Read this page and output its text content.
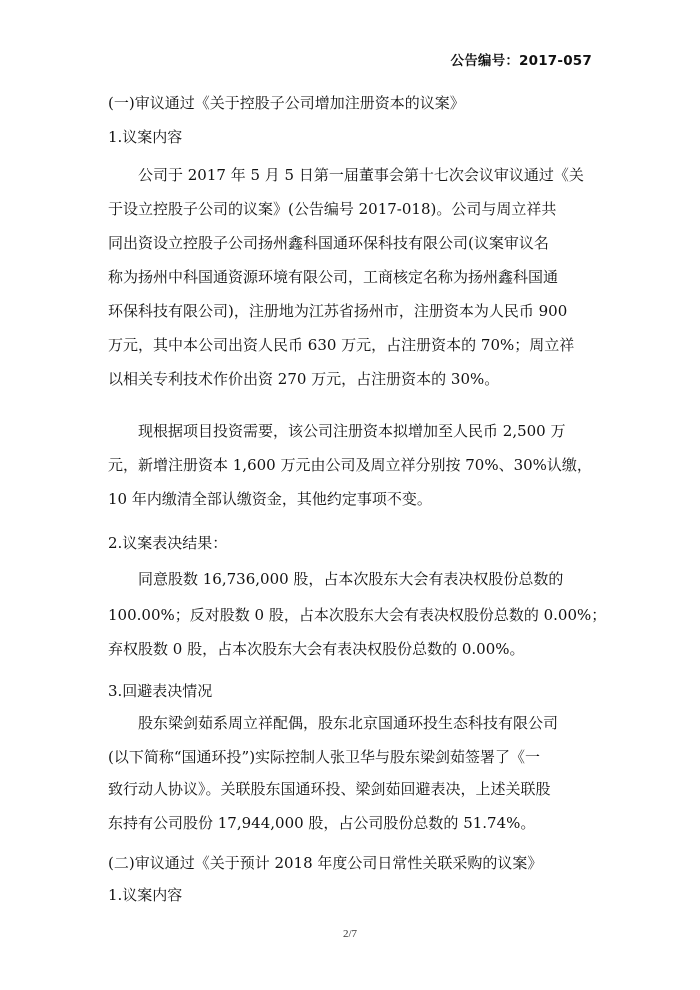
公告编号：2017-057
(一)审议通过《关于控股子公司增加注册资本的议案》
1.议案内容
公司于 2017 年 5 月 5 日第一届董事会第十七次会议审议通过《关
于设立控股子公司的议案》(公告编号 2017-018)。公司与周立祥共
同出资设立控股子公司扬州鑫科国通环保科技有限公司(议案审议名
称为扬州中科国通资源环境有限公司，工商核定名称为扬州鑫科国通
环保科技有限公司)，注册地为江苏省扬州市，注册资本为人民币 900
万元，其中本公司出资人民币 630 万元，占注册资本的 70%；周立祥
以相关专利技术作价出资 270 万元，占注册资本的 30%。
现根据项目投资需要，该公司注册资本拟增加至人民币 2,500 万
元，新增注册资本 1,600 万元由公司及周立祥分别按 70%、30%认缴，
10 年内缴清全部认缴资金，其他约定事项不变。
2.议案表决结果：
同意股数 16,736,000 股，占本次股东大会有表决权股份总数的
100.00%；反对股数 0 股，占本次股东大会有表决权股份总数的 0.00%；
弃权股数 0 股，占本次股东大会有表决权股份总数的 0.00%。
3.回避表决情况
股东梁剑茹系周立祥配偶，股东北京国通环投生态科技有限公司
(以下简称“国通环投”)实际控制人张卫华与股东梁剑茹签署了《一
致行动人协议》。关联股东国通环投、梁剑茹回避表决，上述关联股
东持有公司股份 17,944,000 股，占公司股份总数的 51.74%。
(二)审议通过《关于预计 2018 年度公司日常性关联采购的议案》
1.议案内容
2/7
